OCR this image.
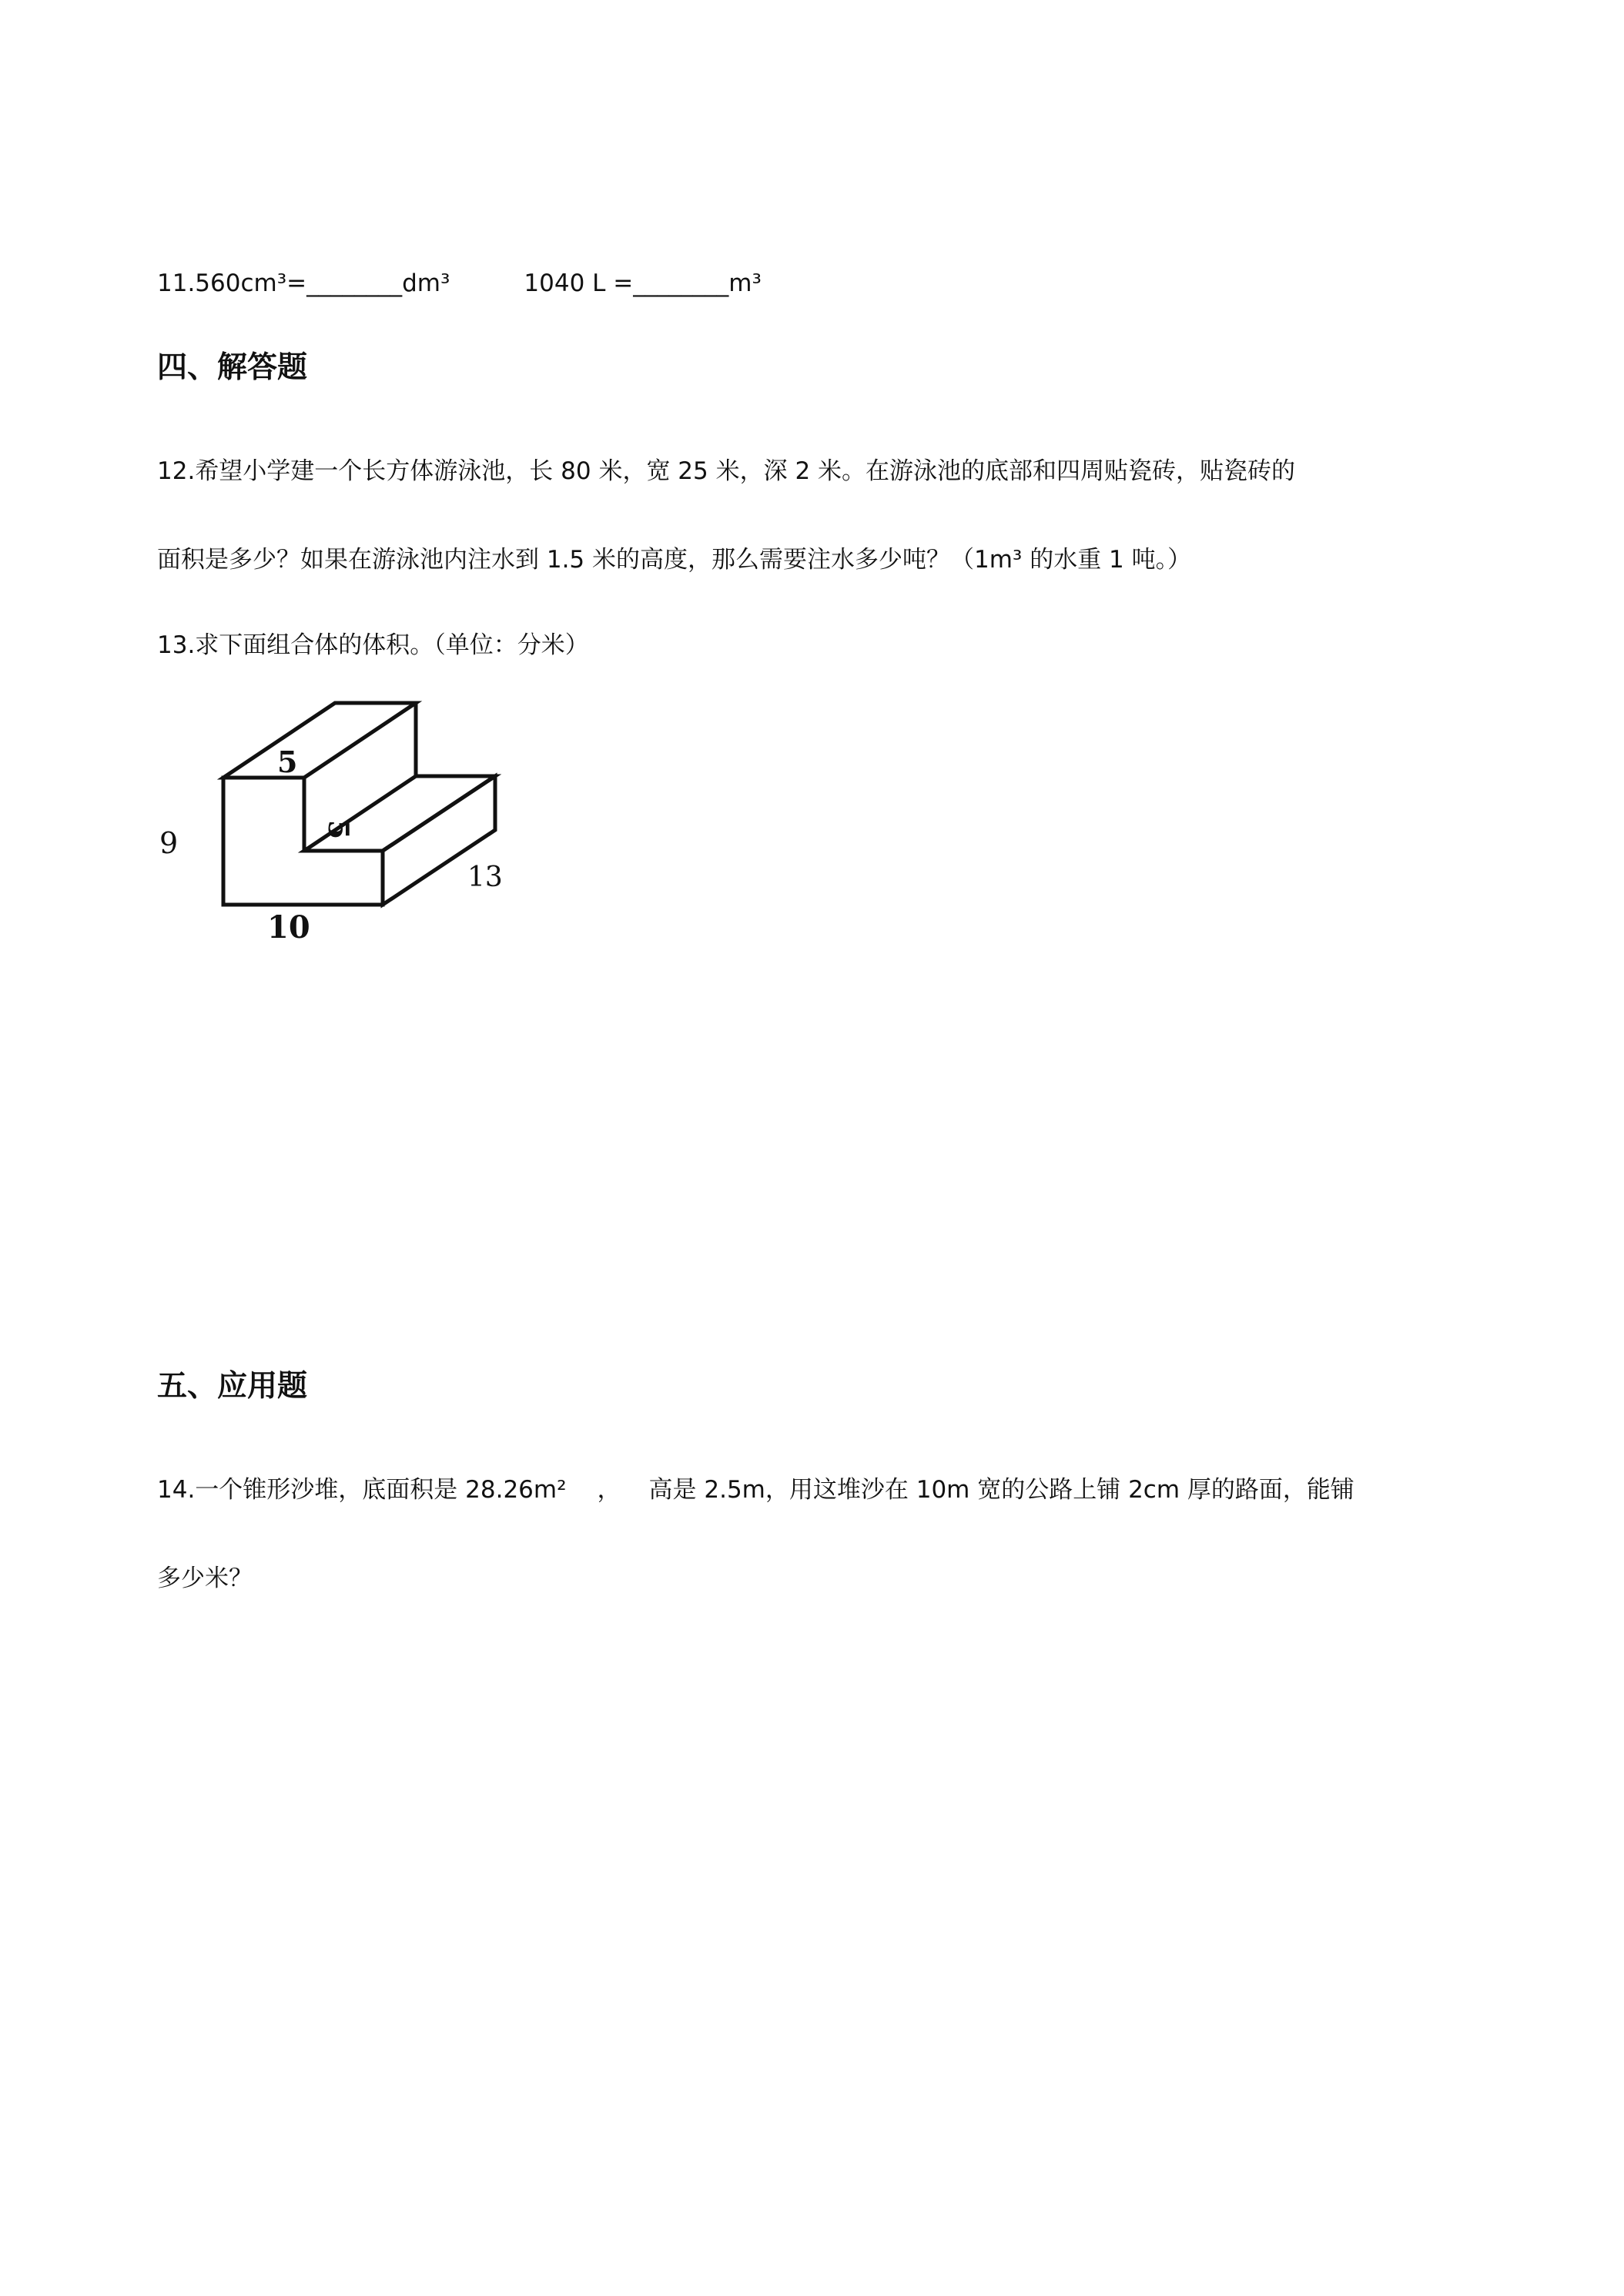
11.560cm³=________dm³	1040 L =________m³
四、解答题
12.希望小学建一个长方体游泳池，长 80 米，宽 25 米，深 2 米。在游泳池的底部和四周贴瓷砖，贴瓷砖的
面积是多少？如果在游泳池内注水到 1.5 米的高度，那么需要注水多少吨？（1m³ 的水重 1 吨。）
13.求下面组合体的体积。（单位：分米）
5
5
9
10
13
五、应用题
14.一个锥形沙堆，底面积是 28.26m² ， 高是 2.5m，用这堆沙在 10m 宽的公路上铺 2cm 厚的路面，能铺
多少米？
